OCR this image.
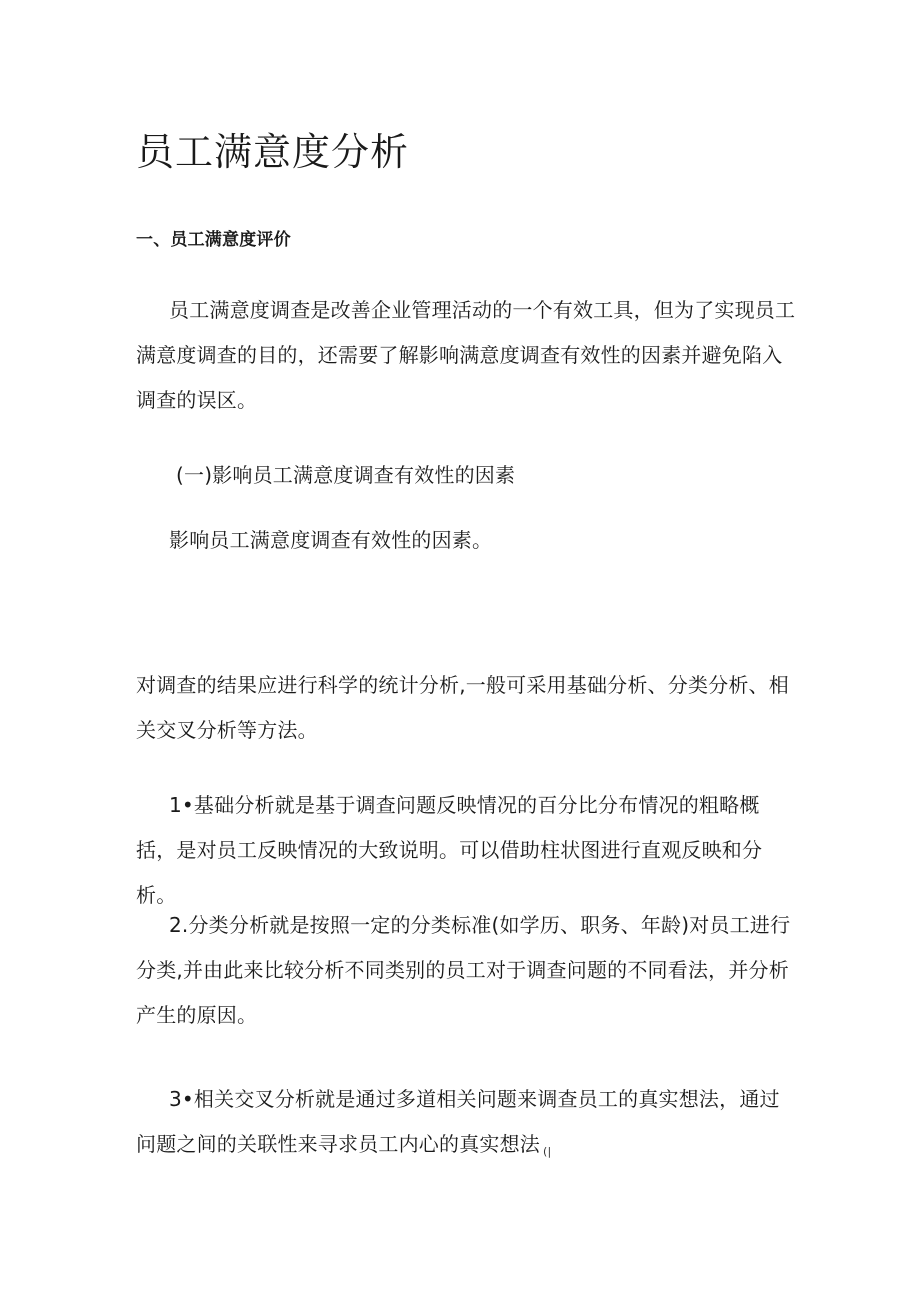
员工满意度分析
一、员工满意度评价

员工满意度调查是改善企业管理活动的一个有效工具，但为了实现员工满意度调查的目的，还需要了解影响满意度调查有效性的因素并避免陷入调查的误区。

(一)影响员工满意度调查有效性的因素

影响员工满意度调查有效性的因素。

对调查的结果应进行科学的统计分析,一般可采用基础分析、分类分析、相关交叉分析等方法。

1•基础分析就是基于调查问题反映情况的百分比分布情况的粗略概括，是对员工反映情况的大致说明。可以借助柱状图进行直观反映和分析。

2.分类分析就是按照一定的分类标准(如学历、职务、年龄)对员工进行分类,并由此来比较分析不同类别的员工对于调查问题的不同看法，并分析产生的原因。

3•相关交叉分析就是通过多道相关问题来调查员工的真实想法，通过问题之间的关联性来寻求员工内心的真实想法 $_{(|}$
